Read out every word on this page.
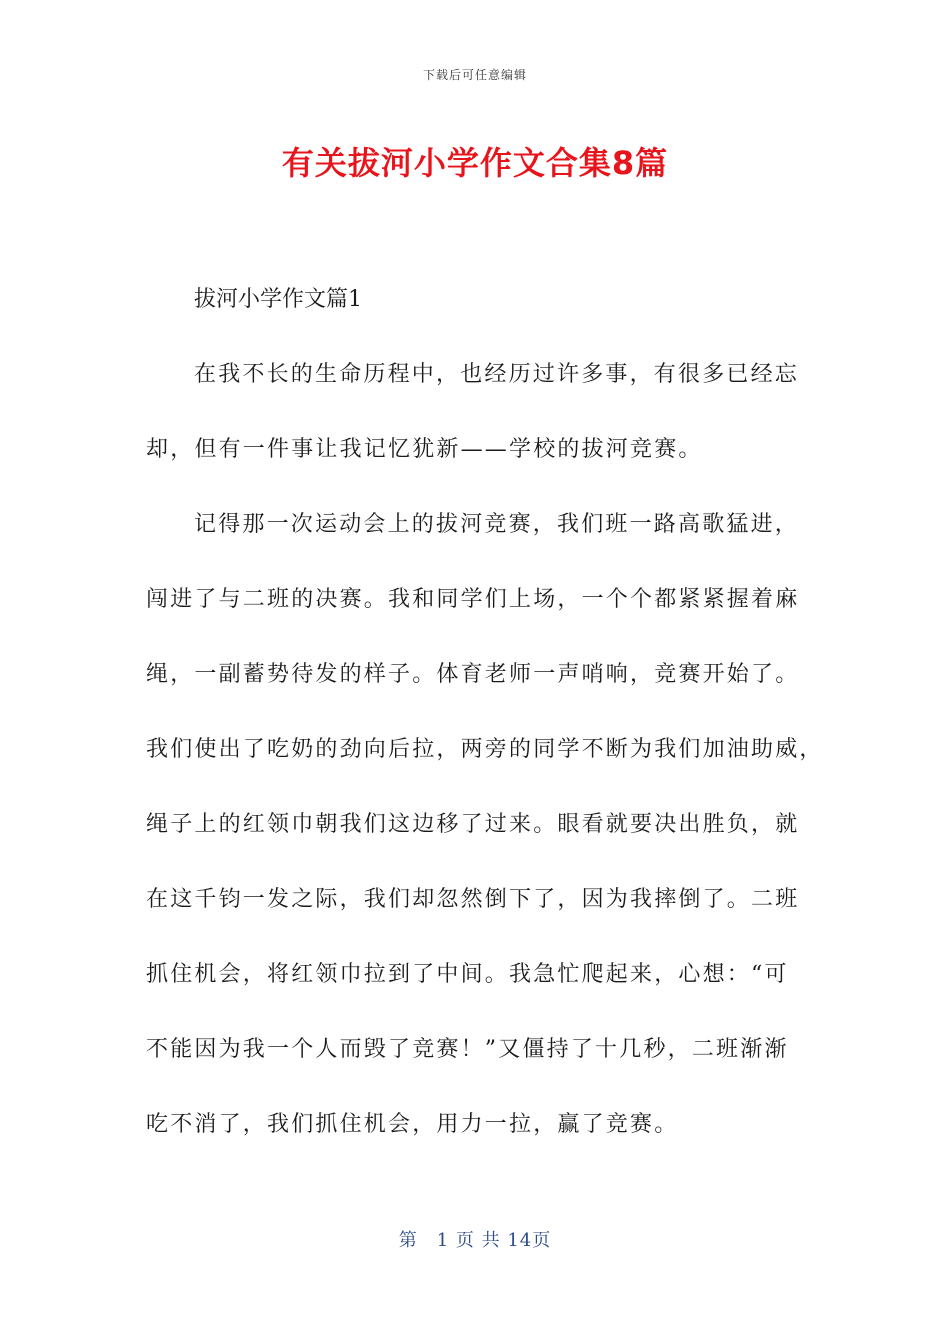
下载后可任意编辑
有关拔河小学作文合集8篇
拔河小学作文篇1
在我不长的生命历程中，也经历过许多事，有很多已经忘
却，但有一件事让我记忆犹新——学校的拔河竞赛。
记得那一次运动会上的拔河竞赛，我们班一路高歌猛进，
闯进了与二班的决赛。我和同学们上场，一个个都紧紧握着麻
绳，一副蓄势待发的样子。体育老师一声哨响，竞赛开始了。
我们使出了吃奶的劲向后拉，两旁的同学不断为我们加油助威，
绳子上的红领巾朝我们这边移了过来。眼看就要决出胜负，就
在这千钧一发之际，我们却忽然倒下了，因为我摔倒了。二班
抓住机会，将红领巾拉到了中间。我急忙爬起来，心想：“可
不能因为我一个人而毁了竞赛！”又僵持了十几秒，二班渐渐
吃不消了，我们抓住机会，用力一拉，赢了竞赛。
第　1 页 共 14页
